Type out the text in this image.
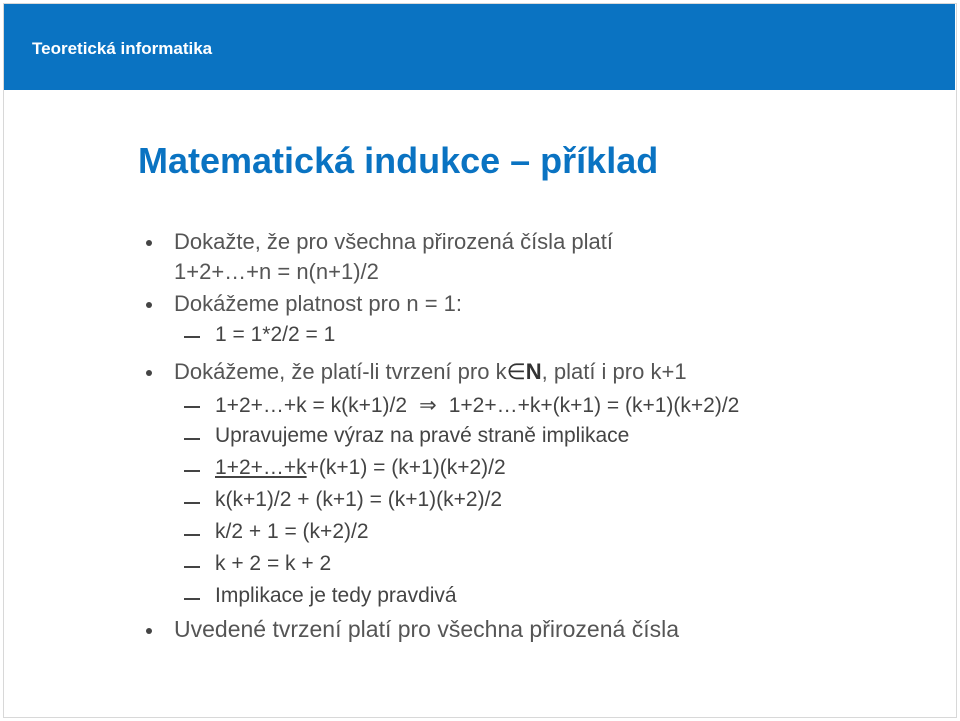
Teoretická informatika
Matematická indukce – příklad
Dokažte, že pro všechna přirozená čísla platí
1+2+…+n = n(n+1)/2
Dokážeme platnost pro n = 1:
1 = 1*2/2 = 1
Dokážeme, že platí-li tvrzení pro k∈N, platí i pro k+1
1+2+…+k = k(k+1)/2 ⇒ 1+2+…+k+(k+1) = (k+1)(k+2)/2
Upravujeme výraz na pravé straně implikace
1+2+…+k+(k+1) = (k+1)(k+2)/2
k(k+1)/2 + (k+1) = (k+1)(k+2)/2
k/2 + 1 = (k+2)/2
k + 2 = k + 2
Implikace je tedy pravdivá
Uvedené tvrzení platí pro všechna přirozená čísla
